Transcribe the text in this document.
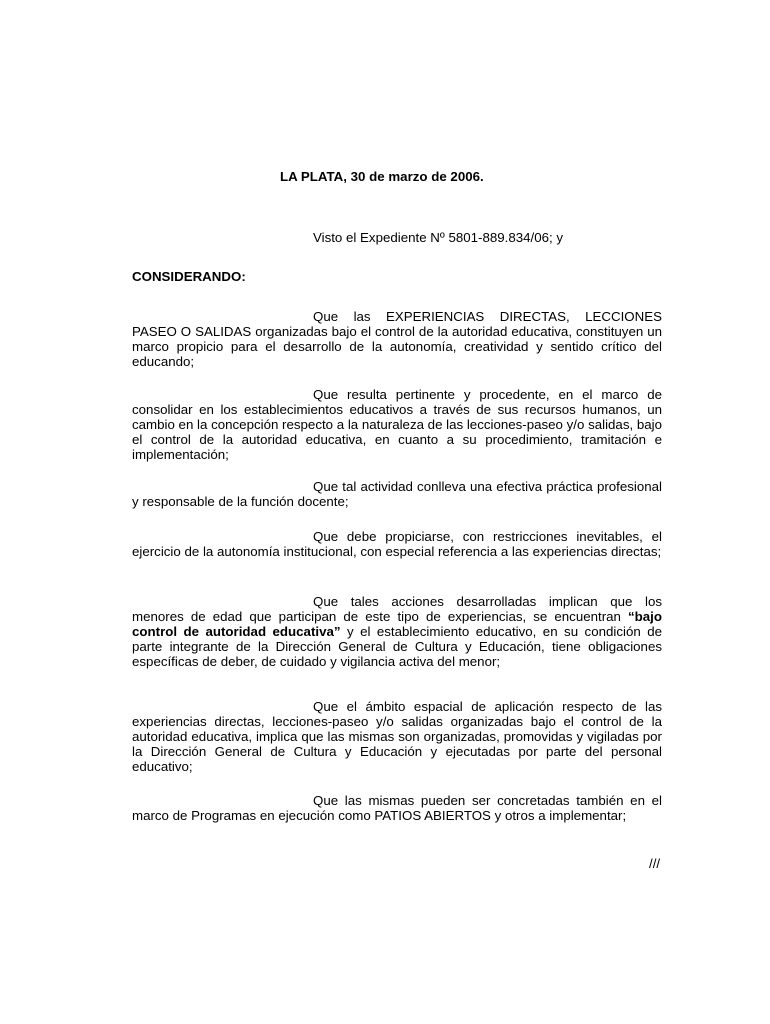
LA PLATA, 30 de marzo de 2006.
Visto el Expediente Nº 5801-889.834/06; y
CONSIDERANDO:

Que las EXPERIENCIAS DIRECTAS, LECCIONES PASEO O SALIDAS organizadas bajo el control de la autoridad educativa, constituyen un marco propicio para el desarrollo de la autonomía, creatividad y sentido crítico del educando;

Que resulta pertinente y procedente, en el marco de consolidar en los establecimientos educativos a través de sus recursos humanos, un cambio en la concepción respecto a la naturaleza de las lecciones-paseo y/o salidas, bajo el control de la autoridad educativa, en cuanto a su procedimiento, tramitación e implementación;

Que tal actividad conlleva una efectiva práctica profesional y responsable de la función docente;

Que debe propiciarse, con restricciones inevitables, el ejercicio de la autonomía institucional, con especial referencia a las experiencias directas;

Que tales acciones desarrolladas implican que los menores de edad que participan de este tipo de experiencias, se encuentran “bajo control de autoridad educativa” y el establecimiento educativo, en su condición de parte integrante de la Dirección General de Cultura y Educación, tiene obligaciones específicas de deber, de cuidado y vigilancia activa del menor;

Que el ámbito espacial de aplicación respecto de las experiencias directas, lecciones-paseo y/o salidas organizadas bajo el control de la autoridad educativa, implica que las mismas son organizadas, promovidas y vigiladas por la Dirección General de Cultura y Educación y ejecutadas por parte del personal educativo;

Que las mismas pueden ser concretadas también en el marco de Programas en ejecución como PATIOS ABIERTOS y otros a implementar;

///
